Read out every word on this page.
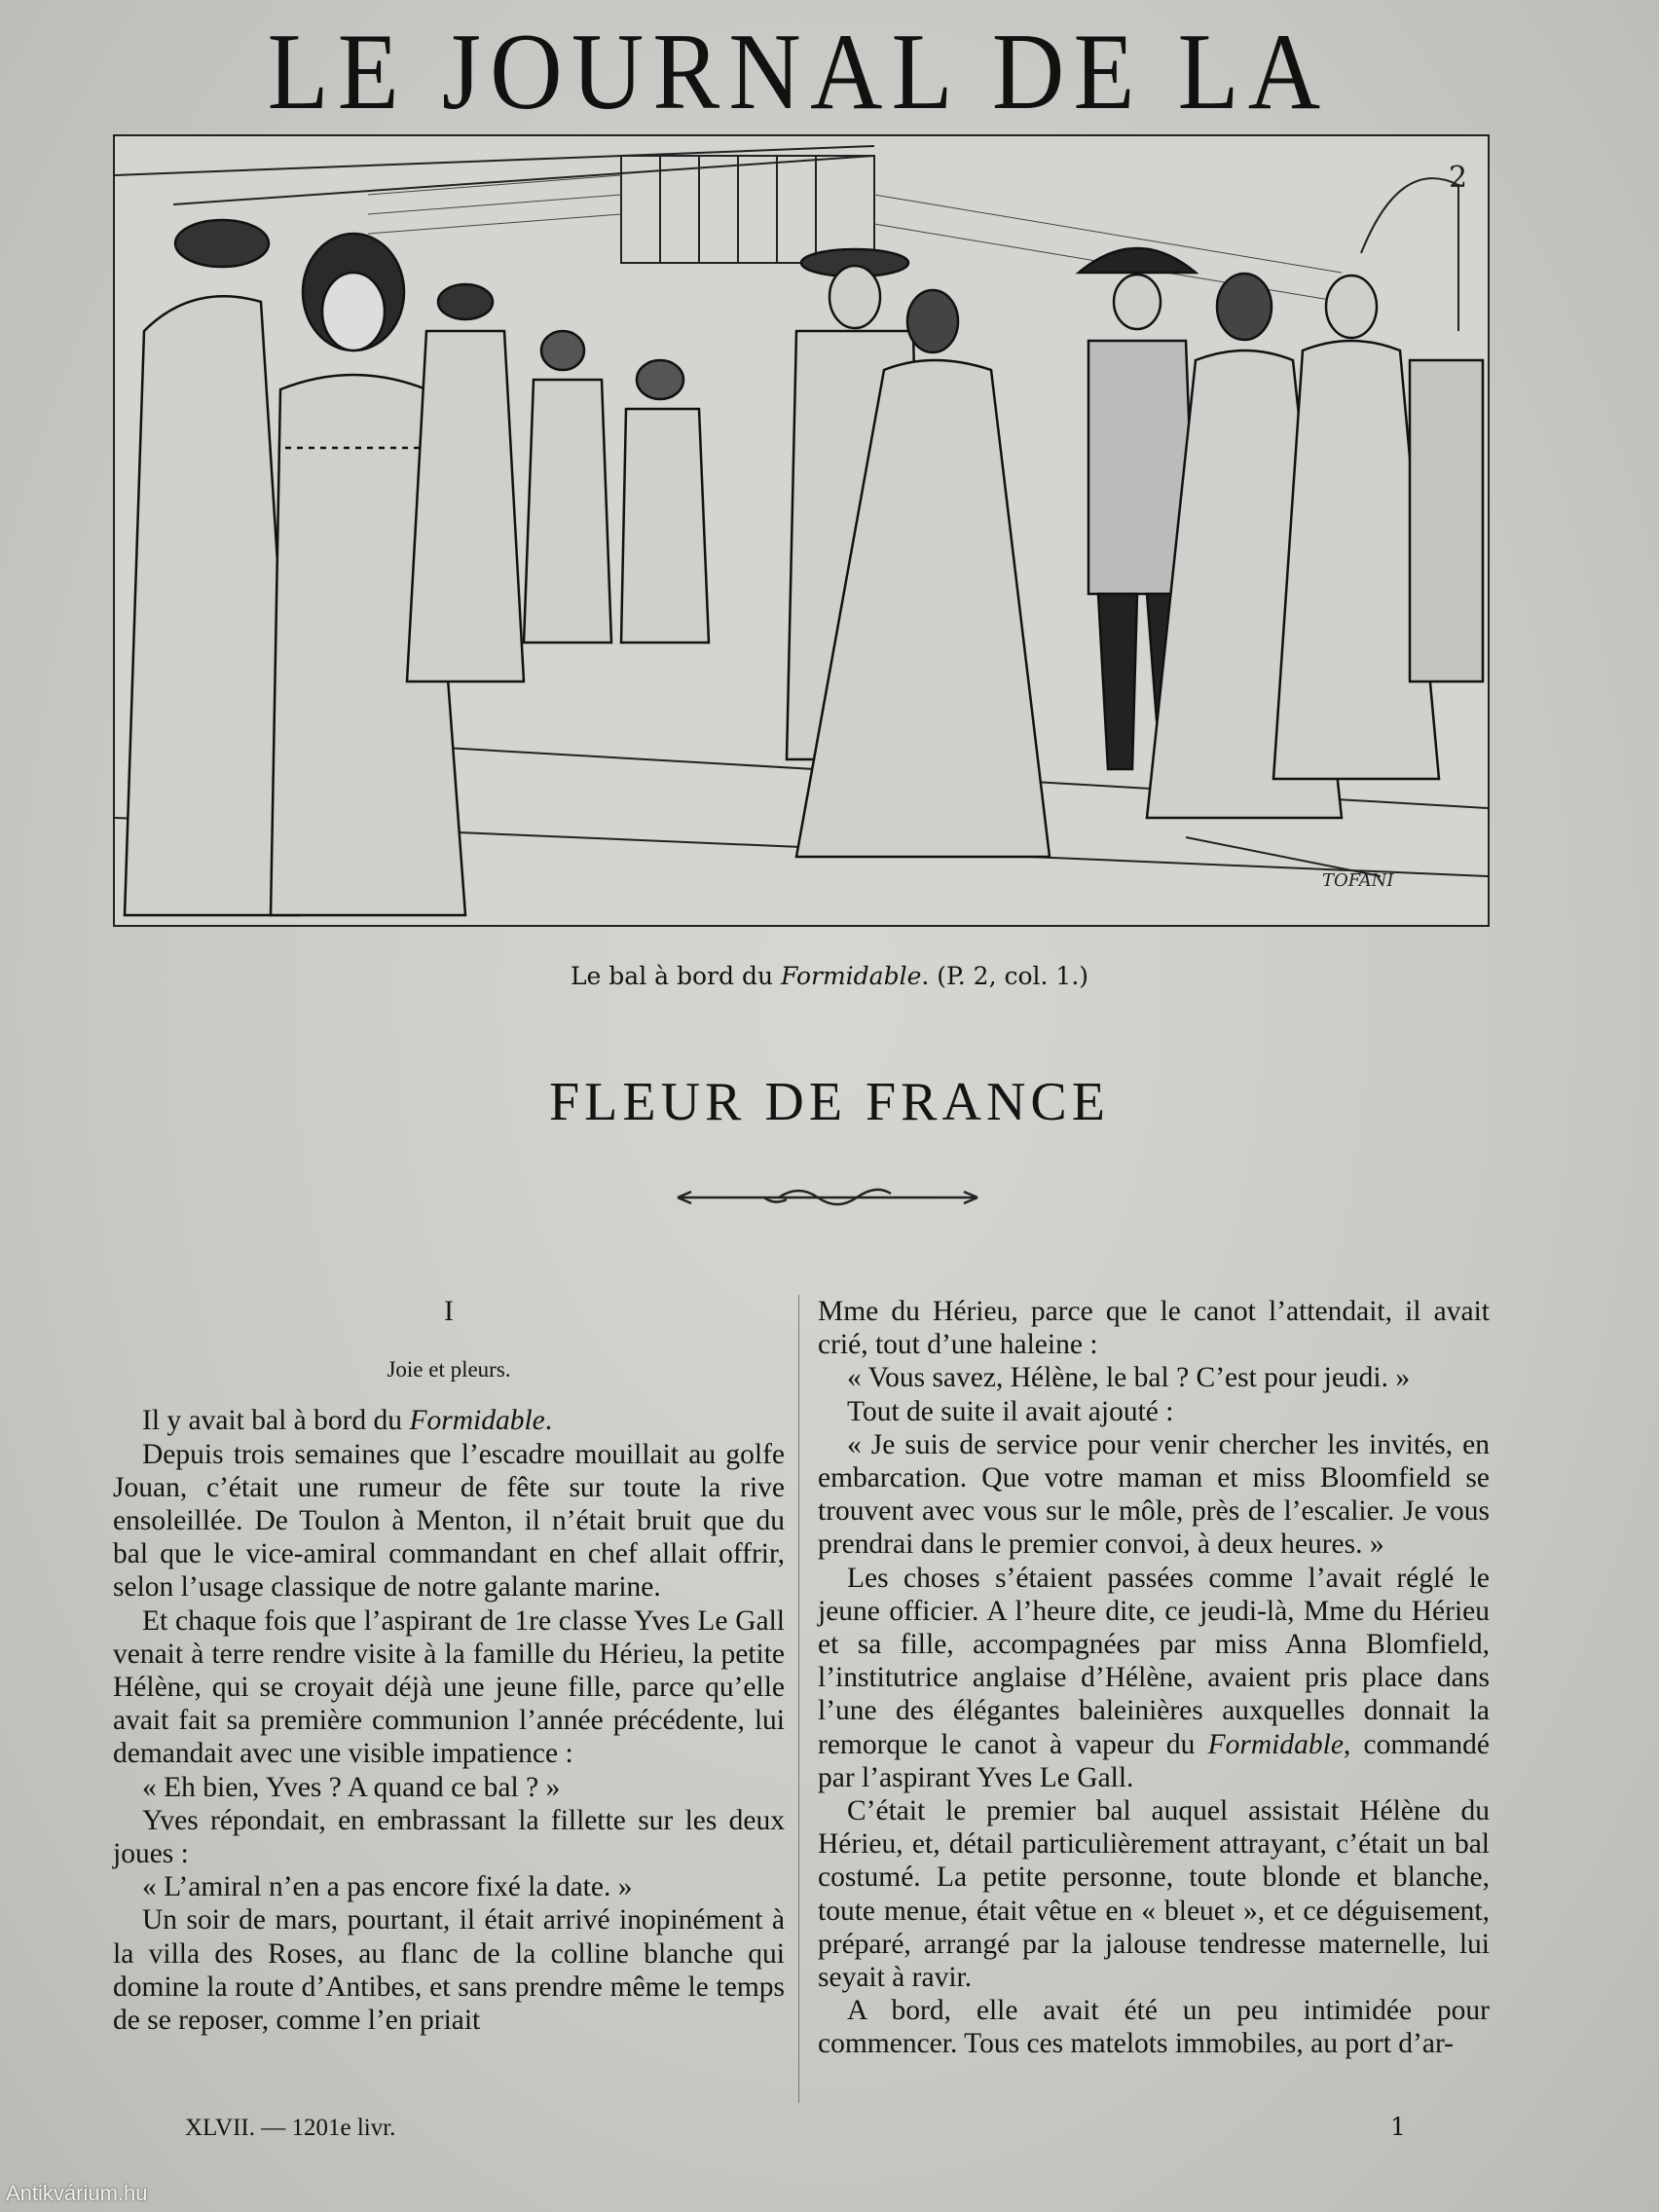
LE JOURNAL DE LA
2
TOFANI
Le bal à bord du Formidable. (P. 2, col. 1.)
FLEUR DE FRANCE
I
Joie et pleurs.

Il y avait bal à bord du Formidable.

Depuis trois semaines que l’escadre mouillait au golfe Jouan, c’était une rumeur de fête sur toute la rive ensoleillée. De Toulon à Menton, il n’était bruit que du bal que le vice-amiral commandant en chef allait offrir, selon l’usage classique de notre galante marine.

Et chaque fois que l’aspirant de 1re classe Yves Le Gall venait à terre rendre visite à la famille du Hérieu, la petite Hélène, qui se croyait déjà une jeune fille, parce qu’elle avait fait sa première communion l’année précédente, lui demandait avec une visible impatience :

« Eh bien, Yves ? A quand ce bal ? »

Yves répondait, en embrassant la fillette sur les deux joues :

« L’amiral n’en a pas encore fixé la date. »

Un soir de mars, pourtant, il était arrivé inopinément à la villa des Roses, au flanc de la colline blanche qui domine la route d’Antibes, et sans prendre même le temps de se reposer, comme l’en priait

Mme du Hérieu, parce que le canot l’attendait, il avait crié, tout d’une haleine :

« Vous savez, Hélène, le bal ? C’est pour jeudi. »

Tout de suite il avait ajouté :

« Je suis de service pour venir chercher les invités, en embarcation. Que votre maman et miss Bloomfield se trouvent avec vous sur le môle, près de l’escalier. Je vous prendrai dans le premier convoi, à deux heures. »

Les choses s’étaient passées comme l’avait réglé le jeune officier. A l’heure dite, ce jeudi-là, Mme du Hérieu et sa fille, accompagnées par miss Anna Blomfield, l’institutrice anglaise d’Hélène, avaient pris place dans l’une des élégantes baleinières auxquelles donnait la remorque le canot à vapeur du Formidable, commandé par l’aspirant Yves Le Gall.

C’était le premier bal auquel assistait Hélène du Hérieu, et, détail particulièrement attrayant, c’était un bal costumé. La petite personne, toute blonde et blanche, toute menue, était vêtue en « bleuet », et ce déguisement, préparé, arrangé par la jalouse tendresse maternelle, lui seyait à ravir.

A bord, elle avait été un peu intimidée pour commencer. Tous ces matelots immobiles, au port d’ar-

XLVII. — 1201e livr.	1
Antikvárium.hu
